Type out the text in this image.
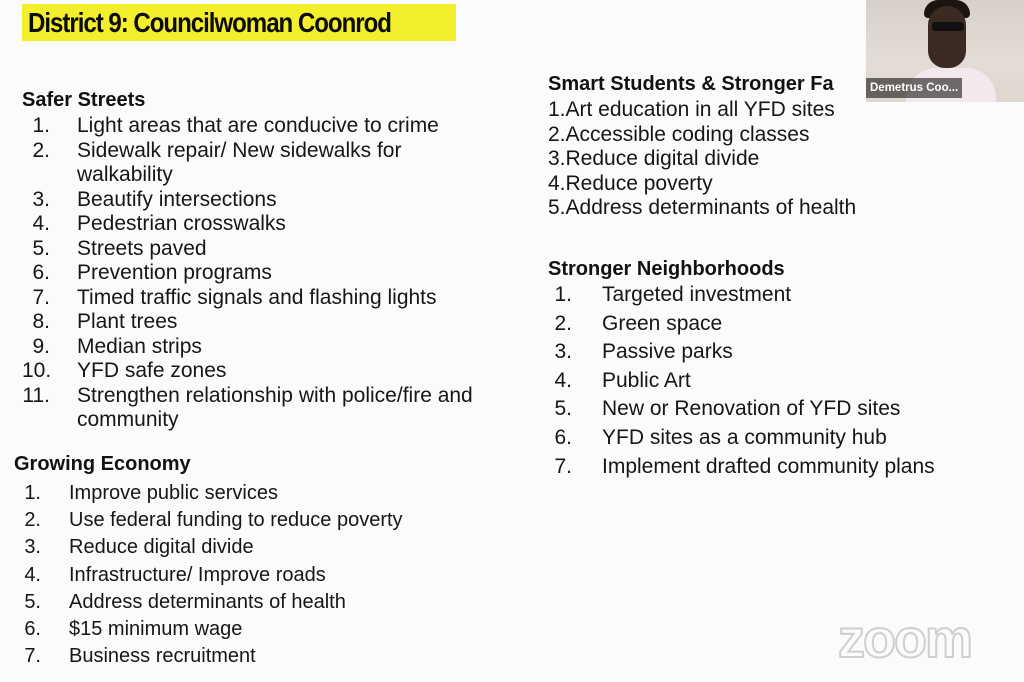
District 9: Councilwoman Coonrod
Safer Streets
1. Light areas that are conducive to crime
2. Sidewalk repair/ New sidewalks for walkability
3. Beautify intersections
4. Pedestrian crosswalks
5. Streets paved
6. Prevention programs
7. Timed traffic signals and flashing lights
8. Plant trees
9. Median strips
10. YFD safe zones
11. Strengthen relationship with police/fire and community
Growing Economy
1. Improve public services
2. Use federal funding to reduce poverty
3. Reduce digital divide
4. Infrastructure/ Improve roads
5. Address determinants of health
6. $15 minimum wage
7. Business recruitment
Smart Students & Stronger Fa
1. Art education in all YFD sites
2. Accessible coding classes
3. Reduce digital divide
4. Reduce poverty
5. Address determinants of health
Stronger Neighborhoods
1. Targeted investment
2. Green space
3. Passive parks
4. Public Art
5. New or Renovation of YFD sites
6. YFD sites as a community hub
7. Implement drafted community plans
zoom
Demetrus Coo...
